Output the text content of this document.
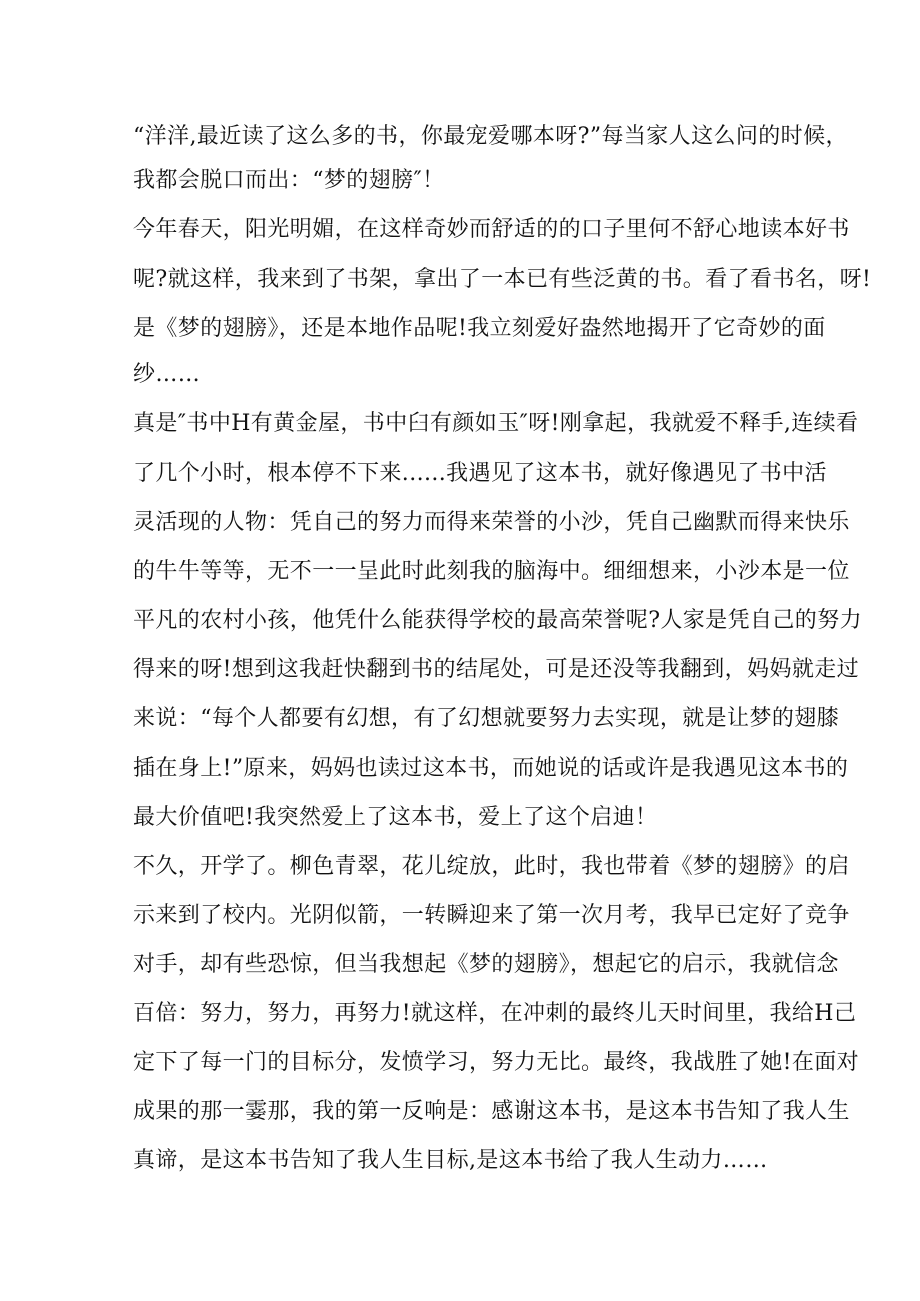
“洋洋,最近读了这么多的书，你最宠爱哪本呀?”每当家人这么问的时候，
我都会脱口而出：“梦的翅膀″！
今年春天，阳光明媚，在这样奇妙而舒适的的口子里何不舒心地读本好书
呢?就这样，我来到了书架，拿出了一本已有些泛黄的书。看了看书名，呀!
是《梦的翅膀》，还是本地作品呢!我立刻爱好盎然地揭开了它奇妙的面
纱……
真是″书中H有黄金屋，书中臼有颜如玉″呀!刚拿起，我就爱不释手,连续看
了几个小时，根本停不下来......我遇见了这本书，就好像遇见了书中活
灵活现的人物：凭自己的努力而得来荣誉的小沙，凭自己幽默而得来快乐
的牛牛等等，无不一一呈此时此刻我的脑海中。细细想来，小沙本是一位
平凡的农村小孩，他凭什么能获得学校的最高荣誉呢?人家是凭自己的努力
得来的呀!想到这我赶快翻到书的结尾处，可是还没等我翻到，妈妈就走过
来说：“每个人都要有幻想，有了幻想就要努力去实现，就是让梦的翅膝
插在身上!”原来，妈妈也读过这本书，而她说的话或许是我遇见这本书的
最大价值吧!我突然爱上了这本书，爱上了这个启迪！
不久，开学了。柳色青翠，花儿绽放，此时，我也带着《梦的翅膀》的启
示来到了校内。光阴似箭，一转瞬迎来了第一次月考，我早已定好了竞争
对手，却有些恐惊，但当我想起《梦的翅膀》，想起它的启示，我就信念
百倍：努力，努力，再努力!就这样，在冲刺的最终儿天时间里，我给H己
定下了每一门的目标分，发愤学习，努力无比。最终，我战胜了她!在面对
成果的那一霎那，我的第一反响是：感谢这本书，是这本书告知了我人生
真谛，是这本书告知了我人生目标,是这本书给了我人生动力……
